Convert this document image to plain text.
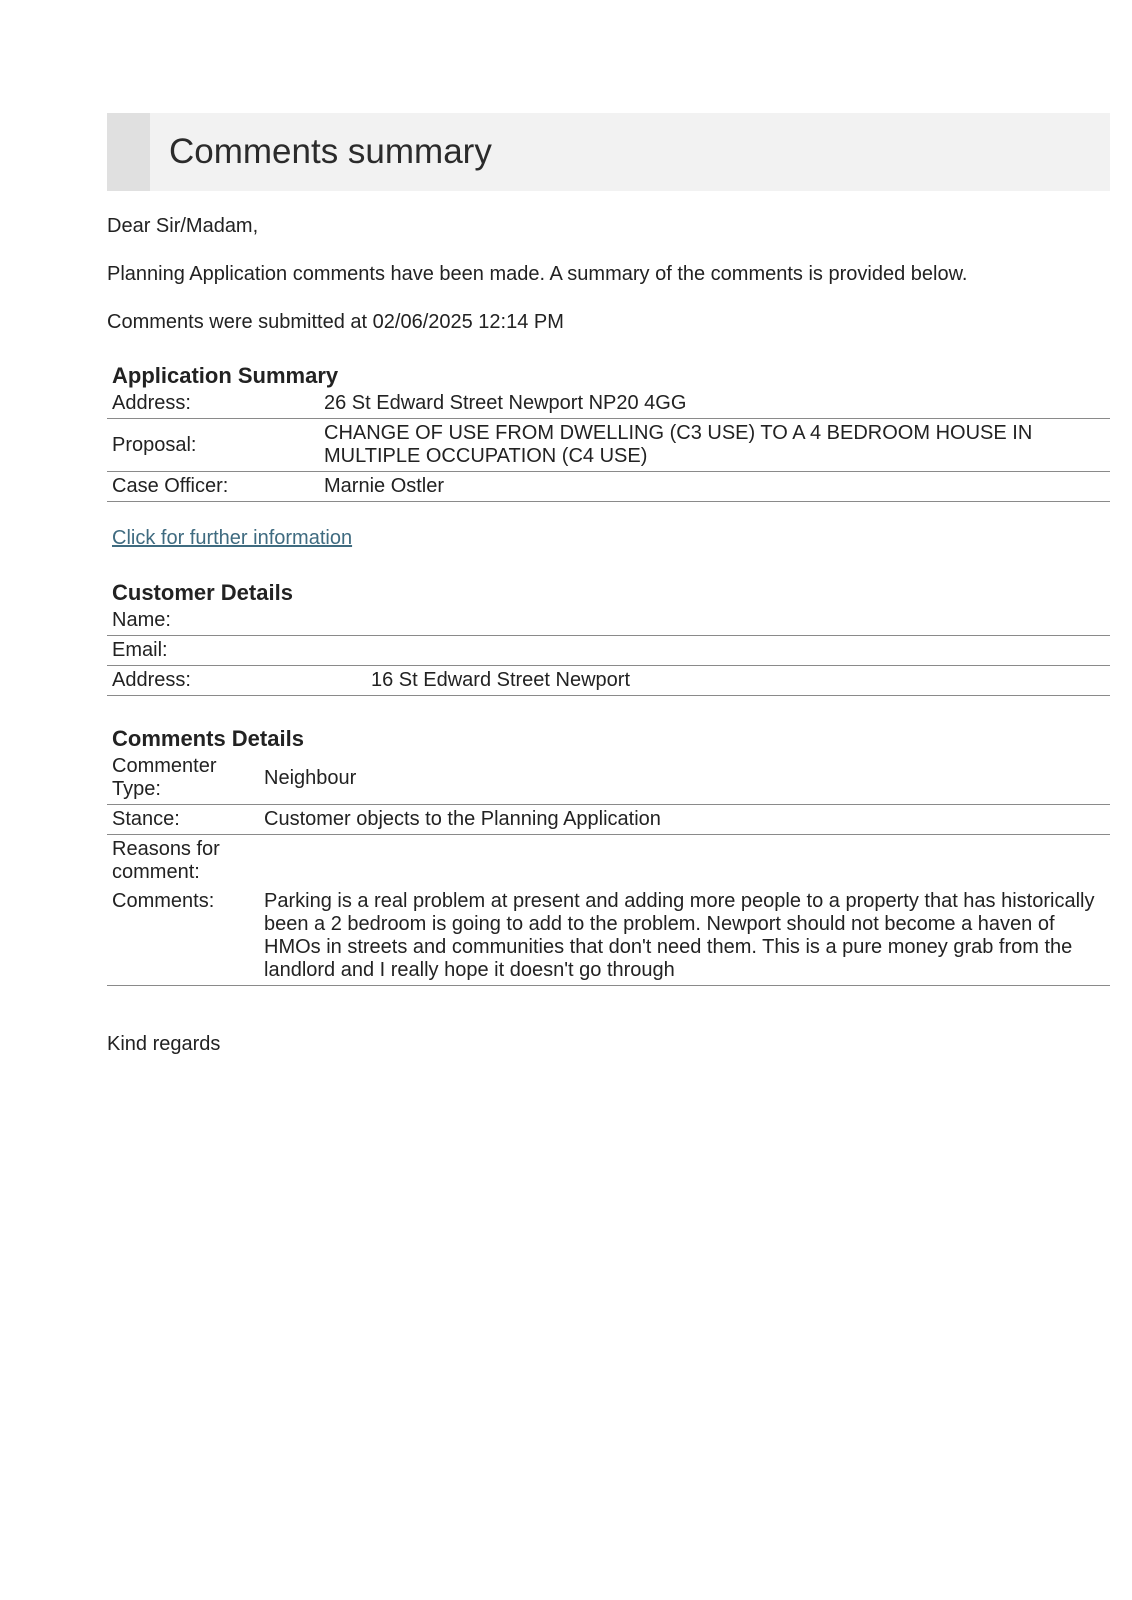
Comments summary

Dear Sir/Madam,

Planning Application comments have been made. A summary of the comments is provided below.

Comments were submitted at 02/06/2025 12:14 PM

Application Summary
Address:	26 St Edward Street Newport NP20 4GG
Proposal:	CHANGE OF USE FROM DWELLING (C3 USE) TO A 4 BEDROOM HOUSE IN MULTIPLE OCCUPATION (C4 USE)
Case Officer:	Marnie Ostler
Click for further information
Customer Details
Name:	
Email:	
Address:	16 St Edward Street Newport
Comments Details
Commenter Type:	Neighbour
Stance:	Customer objects to the Planning Application
Reasons for comment:	
Comments:	Parking is a real problem at present and adding more people to a property that has historically been a 2 bedroom is going to add to the problem. Newport should not become a haven of HMOs in streets and communities that don't need them. This is a pure money grab from the landlord and I really hope it doesn't go through

Kind regards
